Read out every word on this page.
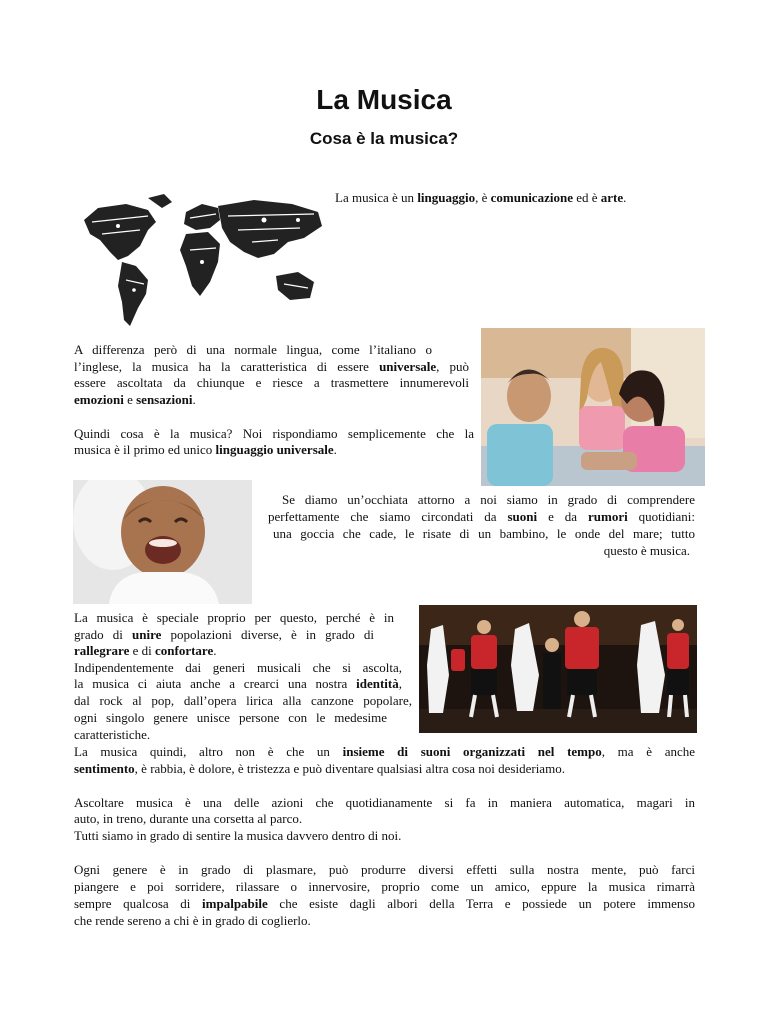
La Musica
Cosa è la musica?
La musica è un linguaggio, è comunicazione ed è arte.
A differenza però di una normale lingua, come l’italiano o
l’inglese, la musica ha la caratteristica di essere universale, può
essere ascoltata da chiunque e riesce a trasmettere innumerevoli
emozioni e sensazioni.
Quindi cosa è la musica? Noi rispondiamo semplicemente che la
musica è il primo ed unico linguaggio universale.
Se diamo un’occhiata attorno a noi siamo in grado di comprendere
perfettamente che siamo circondati da suoni e da rumori quotidiani:
una goccia che cade, le risate di un bambino, le onde del mare; tutto
questo è musica.
La musica è speciale proprio per questo, perché è in
grado di unire popolazioni diverse, è in grado di
rallegrare e di confortare.
Indipendentemente dai generi musicali che si ascolta,
la musica ci aiuta anche a crearci una nostra identità,
dal rock al pop, dall’opera lirica alla canzone popolare,
ogni singolo genere unisce persone con le medesime
caratteristiche.
La musica quindi, altro non è che un insieme di suoni organizzati nel tempo, ma è anche
sentimento, è rabbia, è dolore, è tristezza e può diventare qualsiasi altra cosa noi desideriamo.
Ascoltare musica è una delle azioni che quotidianamente si fa in maniera automatica, magari in
auto, in treno, durante una corsetta al parco.
Tutti siamo in grado di sentire la musica davvero dentro di noi.
Ogni genere è in grado di plasmare, può produrre diversi effetti sulla nostra mente, può farci
piangere e poi sorridere, rilassare o innervosire, proprio come un amico, eppure la musica rimarrà
sempre qualcosa di impalpabile che esiste dagli albori della Terra e possiede un potere immenso
che rende sereno a chi è in grado di coglierlo.
